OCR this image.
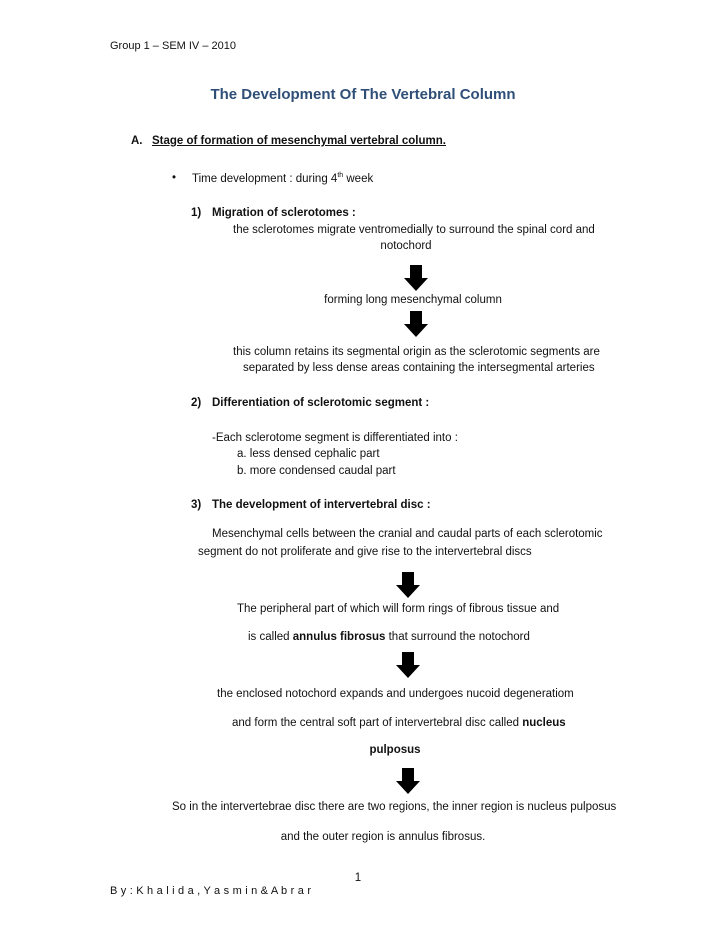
Group 1 – SEM IV – 2010
The Development Of The Vertebral Column
A. Stage of formation of mesenchymal vertebral column.
• Time development : during 4th week
1) Migration of sclerotomes :
the sclerotomes migrate ventromedially to surround the spinal cord and
notochord
forming long mesenchymal column
this column retains its segmental origin as the sclerotomic segments are
separated by less dense areas containing the intersegmental arteries
2) Differentiation of sclerotomic segment :
-Each sclerotome segment is differentiated into :
a. less densed cephalic part
b. more condensed caudal part
3) The development of intervertebral disc :
Mesenchymal cells between the cranial and caudal parts of each sclerotomic
segment do not proliferate and give rise to the intervertebral discs
The peripheral part of which will form rings of fibrous tissue and
is called annulus fibrosus that surround the notochord
the enclosed notochord expands and undergoes nucoid degeneratiom
and form the central soft part of intervertebral disc called nucleus
pulposus
So in the intervertebrae disc there are two regions, the inner region is nucleus pulposus
and the outer region is annulus fibrosus.
1
B y : K h a l i d a , Y a s m i n & A b r a r
